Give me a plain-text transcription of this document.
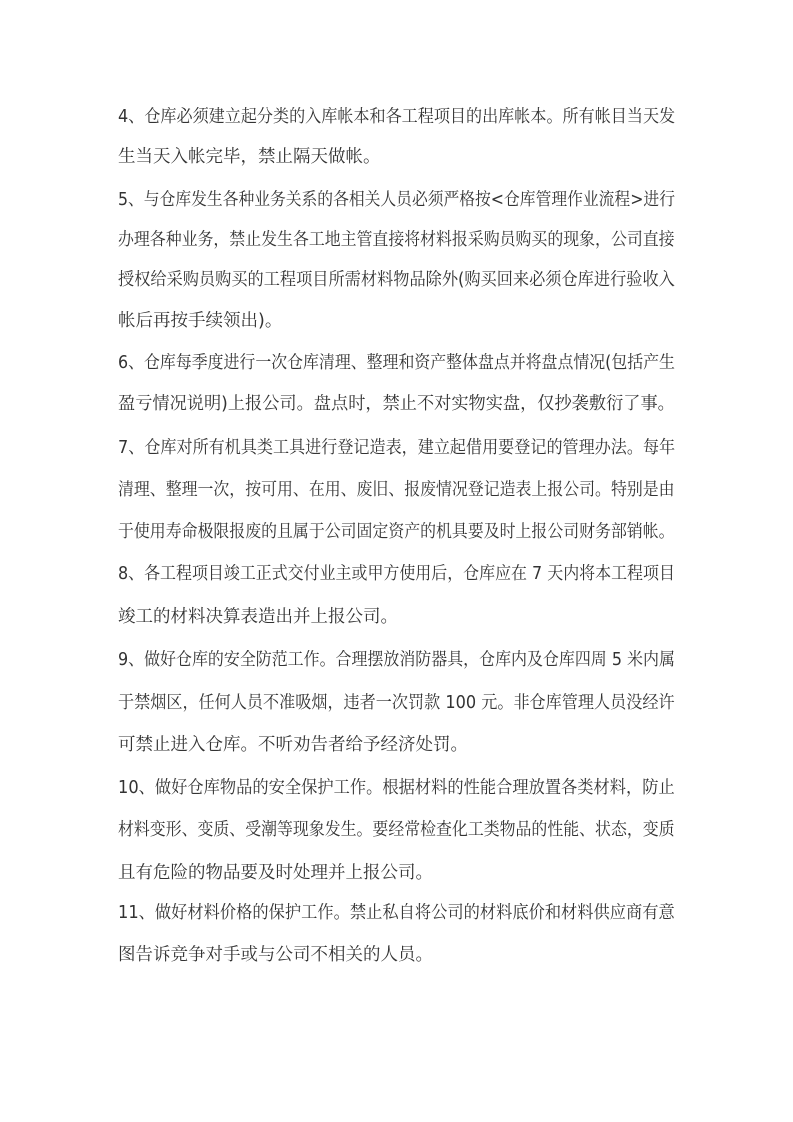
4、仓库必须建立起分类的入库帐本和各工程项目的出库帐本。所有帐目当天发
生当天入帐完毕，禁止隔天做帐。
5、与仓库发生各种业务关系的各相关人员必须严格按<仓库管理作业流程>进行
办理各种业务，禁止发生各工地主管直接将材料报采购员购买的现象，公司直接
授权给采购员购买的工程项目所需材料物品除外(购买回来必须仓库进行验收入
帐后再按手续领出)。
6、仓库每季度进行一次仓库清理、整理和资产整体盘点并将盘点情况(包括产生
盈亏情况说明)上报公司。盘点时，禁止不对实物实盘，仅抄袭敷衍了事。
7、仓库对所有机具类工具进行登记造表，建立起借用要登记的管理办法。每年
清理、整理一次，按可用、在用、废旧、报废情况登记造表上报公司。特别是由
于使用寿命极限报废的且属于公司固定资产的机具要及时上报公司财务部销帐。
8、各工程项目竣工正式交付业主或甲方使用后，仓库应在 7 天内将本工程项目
竣工的材料决算表造出并上报公司。
9、做好仓库的安全防范工作。合理摆放消防器具，仓库内及仓库四周 5 米内属
于禁烟区，任何人员不准吸烟，违者一次罚款 100 元。非仓库管理人员没经许
可禁止进入仓库。不听劝告者给予经济处罚。
10、做好仓库物品的安全保护工作。根据材料的性能合理放置各类材料，防止
材料变形、变质、受潮等现象发生。要经常检查化工类物品的性能、状态，变质
且有危险的物品要及时处理并上报公司。
11、做好材料价格的保护工作。禁止私自将公司的材料底价和材料供应商有意
图告诉竞争对手或与公司不相关的人员。
